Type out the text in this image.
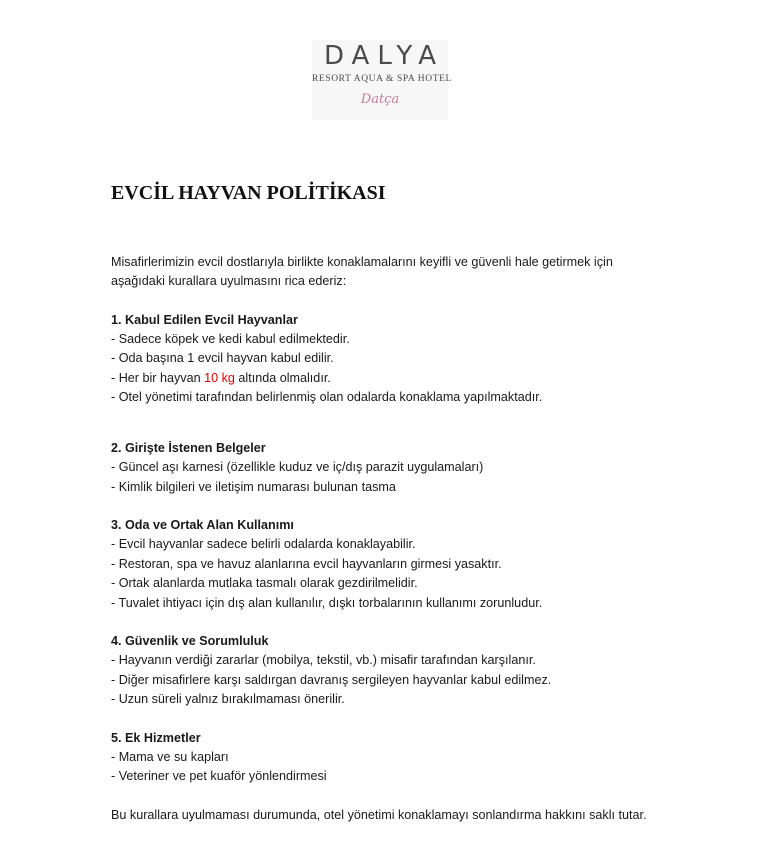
DALYA
RESORT AQUA & SPA HOTEL
Datça
EVCİL HAYVAN POLİTİKASI

Misafirlerimizin evcil dostlarıyla birlikte konaklamalarını keyifli ve güvenli hale getirmek için

aşağıdaki kurallara uyulmasını rica ederiz:

1. Kabul Edilen Evcil Hayvanlar

- Sadece köpek ve kedi kabul edilmektedir.

- Oda başına 1 evcil hayvan kabul edilir.

- Her bir hayvan 10 kg altında olmalıdır.

- Otel yönetimi tarafından belirlenmiş olan odalarda konaklama yapılmaktadır.

2. Girişte İstenen Belgeler

- Güncel aşı karnesi (özellikle kuduz ve iç/dış parazit uygulamaları)

- Kimlik bilgileri ve iletişim numarası bulunan tasma

3. Oda ve Ortak Alan Kullanımı

- Evcil hayvanlar sadece belirli odalarda konaklayabilir.

- Restoran, spa ve havuz alanlarına evcil hayvanların girmesi yasaktır.

- Ortak alanlarda mutlaka tasmalı olarak gezdirilmelidir.

- Tuvalet ihtiyacı için dış alan kullanılır, dışkı torbalarının kullanımı zorunludur.

4. Güvenlik ve Sorumluluk

- Hayvanın verdiği zararlar (mobilya, tekstil, vb.) misafir tarafından karşılanır.

- Diğer misafirlere karşı saldırgan davranış sergileyen hayvanlar kabul edilmez.

- Uzun süreli yalnız bırakılmaması önerilir.

5. Ek Hizmetler

- Mama ve su kapları

- Veteriner ve pet kuaför yönlendirmesi

Bu kurallara uyulmaması durumunda, otel yönetimi konaklamayı sonlandırma hakkını saklı tutar.
